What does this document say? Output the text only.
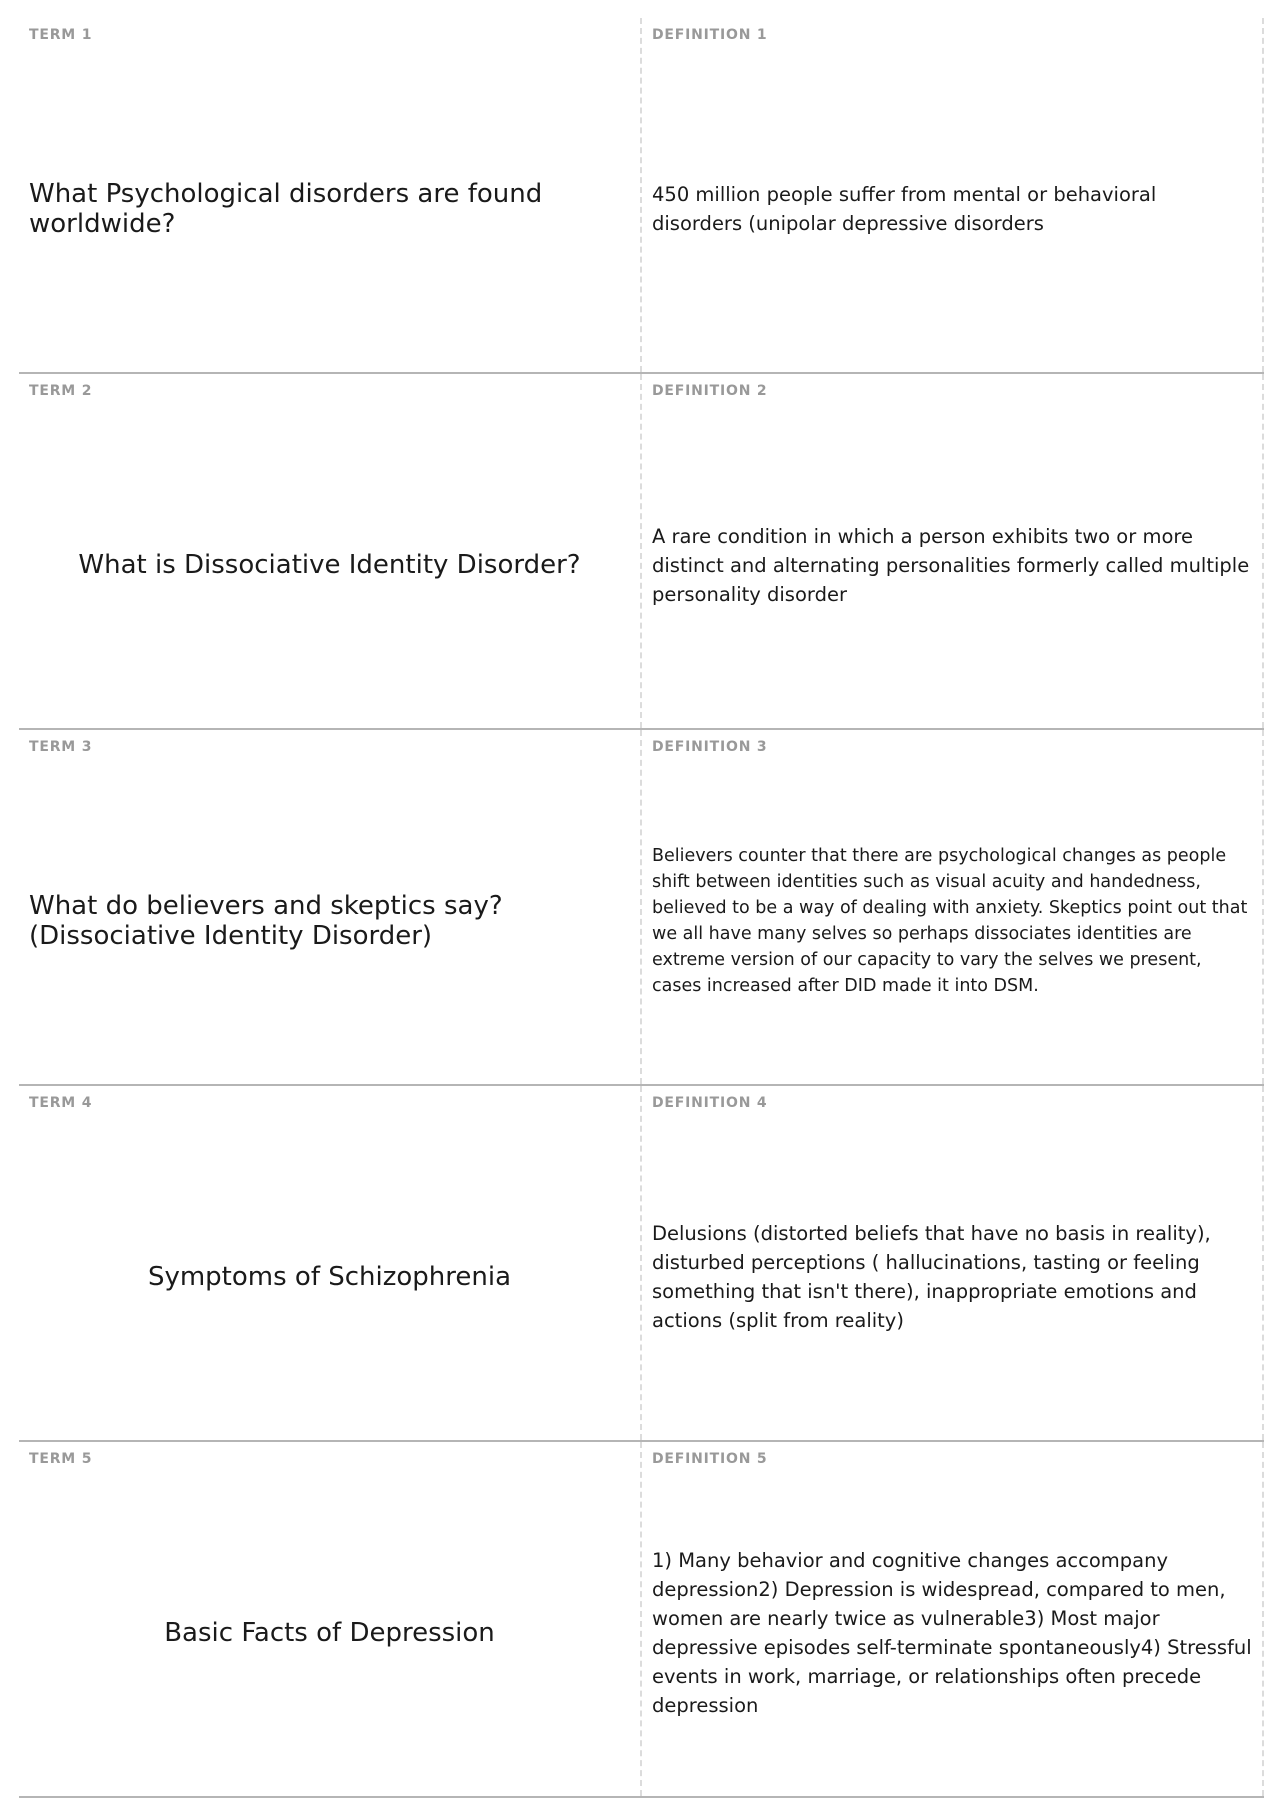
TERM 1
What Psychological disorders are found worldwide?
DEFINITION 1
450 million people suffer from mental or behavioral disorders (unipolar depressive disorders
TERM 2
What is Dissociative Identity Disorder?
DEFINITION 2
A rare condition in which a person exhibits two or more distinct and alternating personalities formerly called multiple personality disorder
TERM 3
What do believers and skeptics say? (Dissociative Identity Disorder)
DEFINITION 3
Believers counter that there are psychological changes as people shift between identities such as visual acuity and handedness, believed to be a way of dealing with anxiety. Skeptics point out that we all have many selves so perhaps dissociates identities are extreme version of our capacity to vary the selves we present, cases increased after DID made it into DSM.
TERM 4
Symptoms of Schizophrenia
DEFINITION 4
Delusions (distorted beliefs that have no basis in reality), disturbed perceptions ( hallucinations, tasting or feeling something that isn't there), inappropriate emotions and actions (split from reality)
TERM 5
Basic Facts of Depression
DEFINITION 5
1) Many behavior and cognitive changes accompany depression2) Depression is widespread, compared to men, women are nearly twice as vulnerable3) Most major depressive episodes self-terminate spontaneously4) Stressful events in work, marriage, or relationships often precede depression
